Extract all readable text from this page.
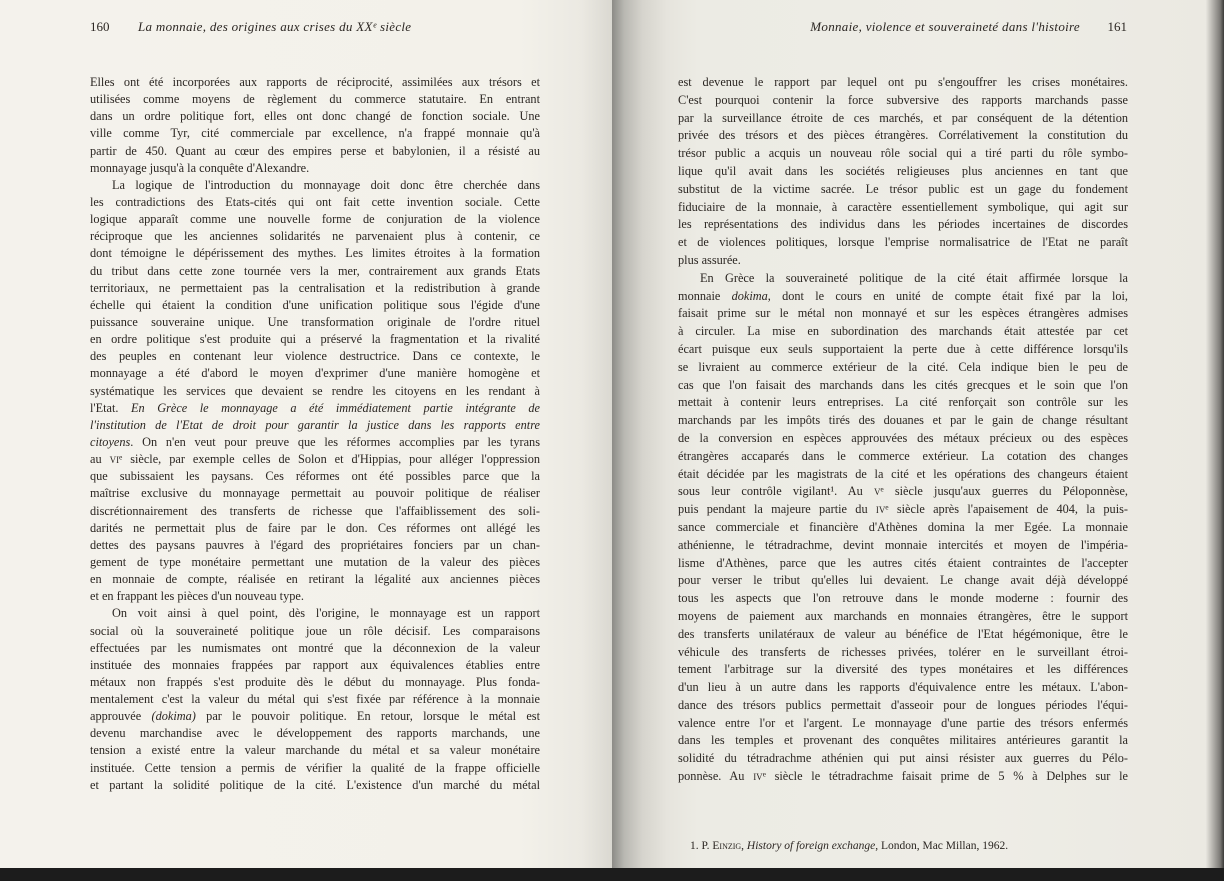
160 La monnaie, des origines aux crises du XXᵉ siècle
Elles ont été incorporées aux rapports de réciprocité, assimilées aux trésors et
utilisées comme moyens de règlement du commerce statutaire. En entrant
dans un ordre politique fort, elles ont donc changé de fonction sociale. Une
ville comme Tyr, cité commerciale par excellence, n'a frappé monnaie qu'à
partir de 450. Quant au cœur des empires perse et babylonien, il a résisté au
monnayage jusqu'à la conquête d'Alexandre.
La logique de l'introduction du monnayage doit donc être cherchée dans
les contradictions des Etats-cités qui ont fait cette invention sociale. Cette
logique apparaît comme une nouvelle forme de conjuration de la violence
réciproque que les anciennes solidarités ne parvenaient plus à contenir, ce
dont témoigne le dépérissement des mythes. Les limites étroites à la formation
du tribut dans cette zone tournée vers la mer, contrairement aux grands Etats
territoriaux, ne permettaient pas la centralisation et la redistribution à grande
échelle qui étaient la condition d'une unification politique sous l'égide d'une
puissance souveraine unique. Une transformation originale de l'ordre rituel
en ordre politique s'est produite qui a préservé la fragmentation et la rivalité
des peuples en contenant leur violence destructrice. Dans ce contexte, le
monnayage a été d'abord le moyen d'exprimer d'une manière homogène et
systématique les services que devaient se rendre les citoyens en les rendant à
l'Etat. En Grèce le monnayage a été immédiatement partie intégrante de
l'institution de l'Etat de droit pour garantir la justice dans les rapports entre
citoyens. On n'en veut pour preuve que les réformes accomplies par les tyrans
au viᵉ siècle, par exemple celles de Solon et d'Hippias, pour alléger l'oppression
que subissaient les paysans. Ces réformes ont été possibles parce que la
maîtrise exclusive du monnayage permettait au pouvoir politique de réaliser
discrétionnairement des transferts de richesse que l'affaiblissement des soli-
darités ne permettait plus de faire par le don. Ces réformes ont allégé les
dettes des paysans pauvres à l'égard des propriétaires fonciers par un chan-
gement de type monétaire permettant une mutation de la valeur des pièces
en monnaie de compte, réalisée en retirant la légalité aux anciennes pièces
et en frappant les pièces d'un nouveau type.
On voit ainsi à quel point, dès l'origine, le monnayage est un rapport
social où la souveraineté politique joue un rôle décisif. Les comparaisons
effectuées par les numismates ont montré que la déconnexion de la valeur
instituée des monnaies frappées par rapport aux équivalences établies entre
métaux non frappés s'est produite dès le début du monnayage. Plus fonda-
mentalement c'est la valeur du métal qui s'est fixée par référence à la monnaie
approuvée (dokima) par le pouvoir politique. En retour, lorsque le métal est
devenu marchandise avec le développement des rapports marchands, une
tension a existé entre la valeur marchande du métal et sa valeur monétaire
instituée. Cette tension a permis de vérifier la qualité de la frappe officielle
et partant la solidité politique de la cité. L'existence d'un marché du métal
Monnaie, violence et souveraineté dans l'histoire 161
est devenue le rapport par lequel ont pu s'engouffrer les crises monétaires.
C'est pourquoi contenir la force subversive des rapports marchands passe
par la surveillance étroite de ces marchés, et par conséquent de la détention
privée des trésors et des pièces étrangères. Corrélativement la constitution du
trésor public a acquis un nouveau rôle social qui a tiré parti du rôle symbo-
lique qu'il avait dans les sociétés religieuses plus anciennes en tant que
substitut de la victime sacrée. Le trésor public est un gage du fondement
fiduciaire de la monnaie, à caractère essentiellement symbolique, qui agit sur
les représentations des individus dans les périodes incertaines de discordes
et de violences politiques, lorsque l'emprise normalisatrice de l'Etat ne paraît
plus assurée.
En Grèce la souveraineté politique de la cité était affirmée lorsque la
monnaie dokima, dont le cours en unité de compte était fixé par la loi,
faisait prime sur le métal non monnayé et sur les espèces étrangères admises
à circuler. La mise en subordination des marchands était attestée par cet
écart puisque eux seuls supportaient la perte due à cette différence lorsqu'ils
se livraient au commerce extérieur de la cité. Cela indique bien le peu de
cas que l'on faisait des marchands dans les cités grecques et le soin que l'on
mettait à contenir leurs entreprises. La cité renforçait son contrôle sur les
marchands par les impôts tirés des douanes et par le gain de change résultant
de la conversion en espèces approuvées des métaux précieux ou des espèces
étrangères accaparés dans le commerce extérieur. La cotation des changes
était décidée par les magistrats de la cité et les opérations des changeurs étaient
sous leur contrôle vigilant¹. Au vᵉ siècle jusqu'aux guerres du Péloponnèse,
puis pendant la majeure partie du ivᵉ siècle après l'apaisement de 404, la puis-
sance commerciale et financière d'Athènes domina la mer Egée. La monnaie
athénienne, le tétradrachme, devint monnaie intercités et moyen de l'impéria-
lisme d'Athènes, parce que les autres cités étaient contraintes de l'accepter
pour verser le tribut qu'elles lui devaient. Le change avait déjà développé
tous les aspects que l'on retrouve dans le monde moderne : fournir des
moyens de paiement aux marchands en monnaies étrangères, être le support
des transferts unilatéraux de valeur au bénéfice de l'Etat hégémonique, être le
véhicule des transferts de richesses privées, tolérer en le surveillant étroi-
tement l'arbitrage sur la diversité des types monétaires et les différences
d'un lieu à un autre dans les rapports d'équivalence entre les métaux. L'abon-
dance des trésors publics permettait d'asseoir pour de longues périodes l'équi-
valence entre l'or et l'argent. Le monnayage d'une partie des trésors enfermés
dans les temples et provenant des conquêtes militaires antérieures garantit la
solidité du tétradrachme athénien qui put ainsi résister aux guerres du Pélo-
ponnèse. Au ivᵉ siècle le tétradrachme faisait prime de 5 % à Delphes sur le
1. P. Einzig, History of foreign exchange, London, Mac Millan, 1962.
